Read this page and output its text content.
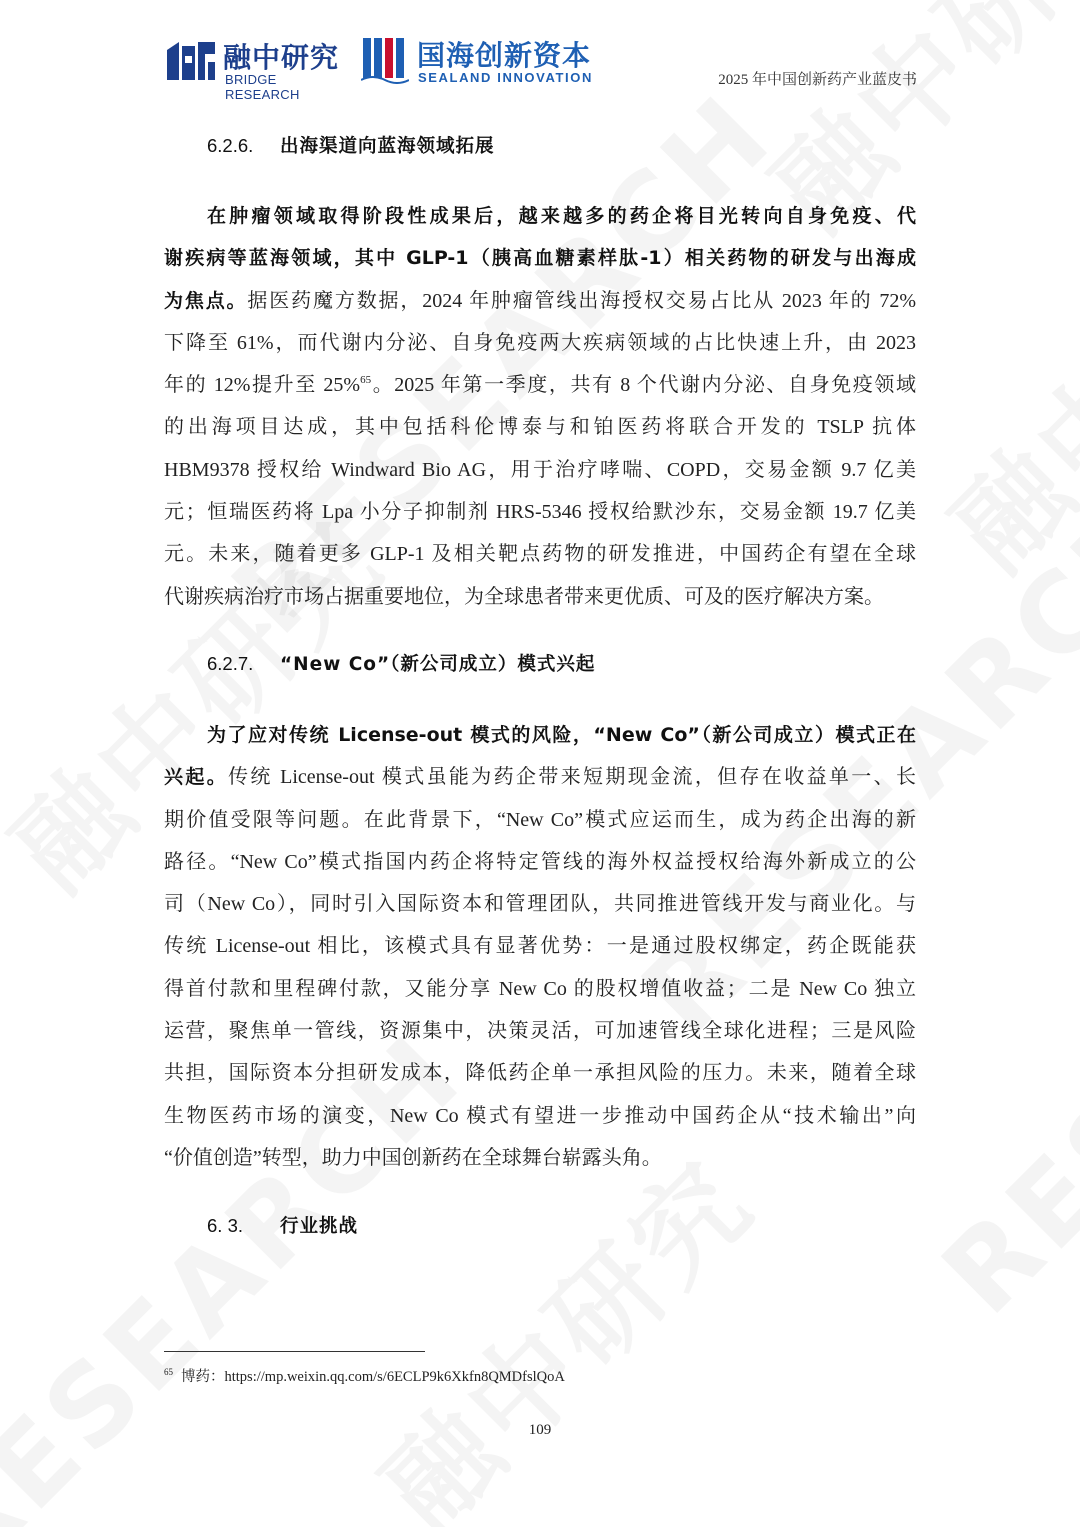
融中研究
BRIDGE RESEARCH
国海创新资本
SEALAND INNOVATION	2025 年中国创新药产业蓝皮书
6.2.6. 出海渠道向蓝海领域拓展
在肿瘤领域取得阶段性成果后，越来越多的药企将目光转向自身免疫、代
谢疾病等蓝海领域，其中 GLP-1（胰高血糖素样肽-1）相关药物的研发与出海成
为焦点。据医药魔方数据，2024 年肿瘤管线出海授权交易占比从 2023 年的 72%
下降至 61%，而代谢内分泌、自身免疫两大疾病领域的占比快速上升，由 2023
年的 12%提升至 25%$^{65}$。2025 年第一季度，共有 8 个代谢内分泌、自身免疫领域
的出海项目达成，其中包括科伦博泰与和铂医药将联合开发的 TSLP 抗体
HBM9378 授权给 Windward Bio AG，用于治疗哮喘、COPD，交易金额 9.7 亿美
元；恒瑞医药将 Lpa 小分子抑制剂 HRS-5346 授权给默沙东，交易金额 19.7 亿美
元。未来，随着更多 GLP-1 及相关靶点药物的研发推进，中国药企有望在全球
代谢疾病治疗市场占据重要地位，为全球患者带来更优质、可及的医疗解决方案。
6.2.7. “New Co”（新公司成立）模式兴起
为了应对传统 License-out 模式的风险，“New Co”（新公司成立）模式正在
兴起。传统 License-out 模式虽能为药企带来短期现金流，但存在收益单一、长
期价值受限等问题。在此背景下，“New Co”模式应运而生，成为药企出海的新
路径。“New Co”模式指国内药企将特定管线的海外权益授权给海外新成立的公
司（New Co），同时引入国际资本和管理团队，共同推进管线开发与商业化。与
传统 License-out 相比，该模式具有显著优势：一是通过股权绑定，药企既能获
得首付款和里程碑付款，又能分享 New Co 的股权增值收益；二是 New Co 独立
运营，聚焦单一管线，资源集中，决策灵活，可加速管线全球化进程；三是风险
共担，国际资本分担研发成本，降低药企单一承担风险的压力。未来，随着全球
生物医药市场的演变，New Co 模式有望进一步推动中国药企从“技术输出”向
“价值创造”转型，助力中国创新药在全球舞台崭露头角。
6. 3. 行业挑战
$^{65}$ 博药：https://mp.weixin.qq.com/s/6ECLP9k6Xkfn8QMDfslQoA
109
